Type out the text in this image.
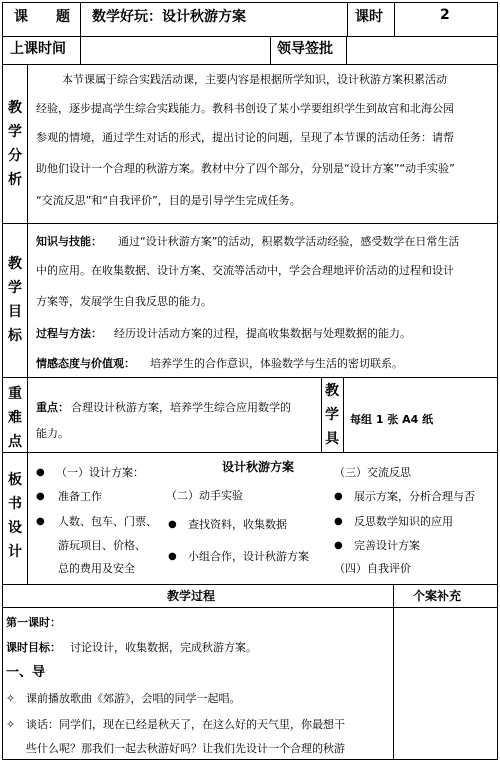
课　　题 数学好玩：设计秋游方案	课时	2
上课时间	领导签批
教
学
分
析
本节课属于综合实践活动课，主要内容是根据所学知识，设计秋游方案积累活动
经验，逐步提高学生综合实践能力。教科书创设了某小学要组织学生到故宫和北海公园
参观的情境，通过学生对话的形式，提出讨论的问题，呈现了本节课的活动任务：请帮
助他们设计一个合理的秋游方案。教材中分了四个部分，分别是“设计方案”“动手实验”
“交流反思”和“自我评价”，目的是引导学生完成任务。
教
学
目
标
知识与技能： 通过“设计秋游方案”的活动，积累数学活动经验，感受数学在日常生活
中的应用。在收集数据、设计方案、交流等活动中，学会合理地评价活动的过程和设计
方案等，发展学生自我反思的能力。
过程与方法： 经历设计活动方案的过程，提高收集数据与处理数据的能力。
情感态度与价值观： 培养学生的合作意识，体验数学与生活的密切联系。
重
难
点
重点： 合理设计秋游方案，培养学生综合应用数学的
能力。
教
学
具
每组 1 张 A4 纸
板
书
设
计
设计秋游方案
● （一）设计方案：
● 准备工作
● 人数、包车、门票、
游玩项目、价格、
总的费用及安全
（二）动手实验
● 查找资料，收集数据
● 小组合作，设计秋游方案
（三）交流反思
● 展示方案，分析合理与否
● 反思数学知识的应用
● 完善设计方案
（四）自我评价
教学过程	个案补充
第一课时：
课时目标： 讨论设计，收集数据，完成秋游方案。
一、导
✧ 课前播放歌曲《郊游》，会唱的同学一起唱。
✧ 谈话：同学们，现在已经是秋天了，在这么好的天气里，你最想干
些什么呢？那我们一起去秋游好吗？让我们先设计一个合理的秋游
